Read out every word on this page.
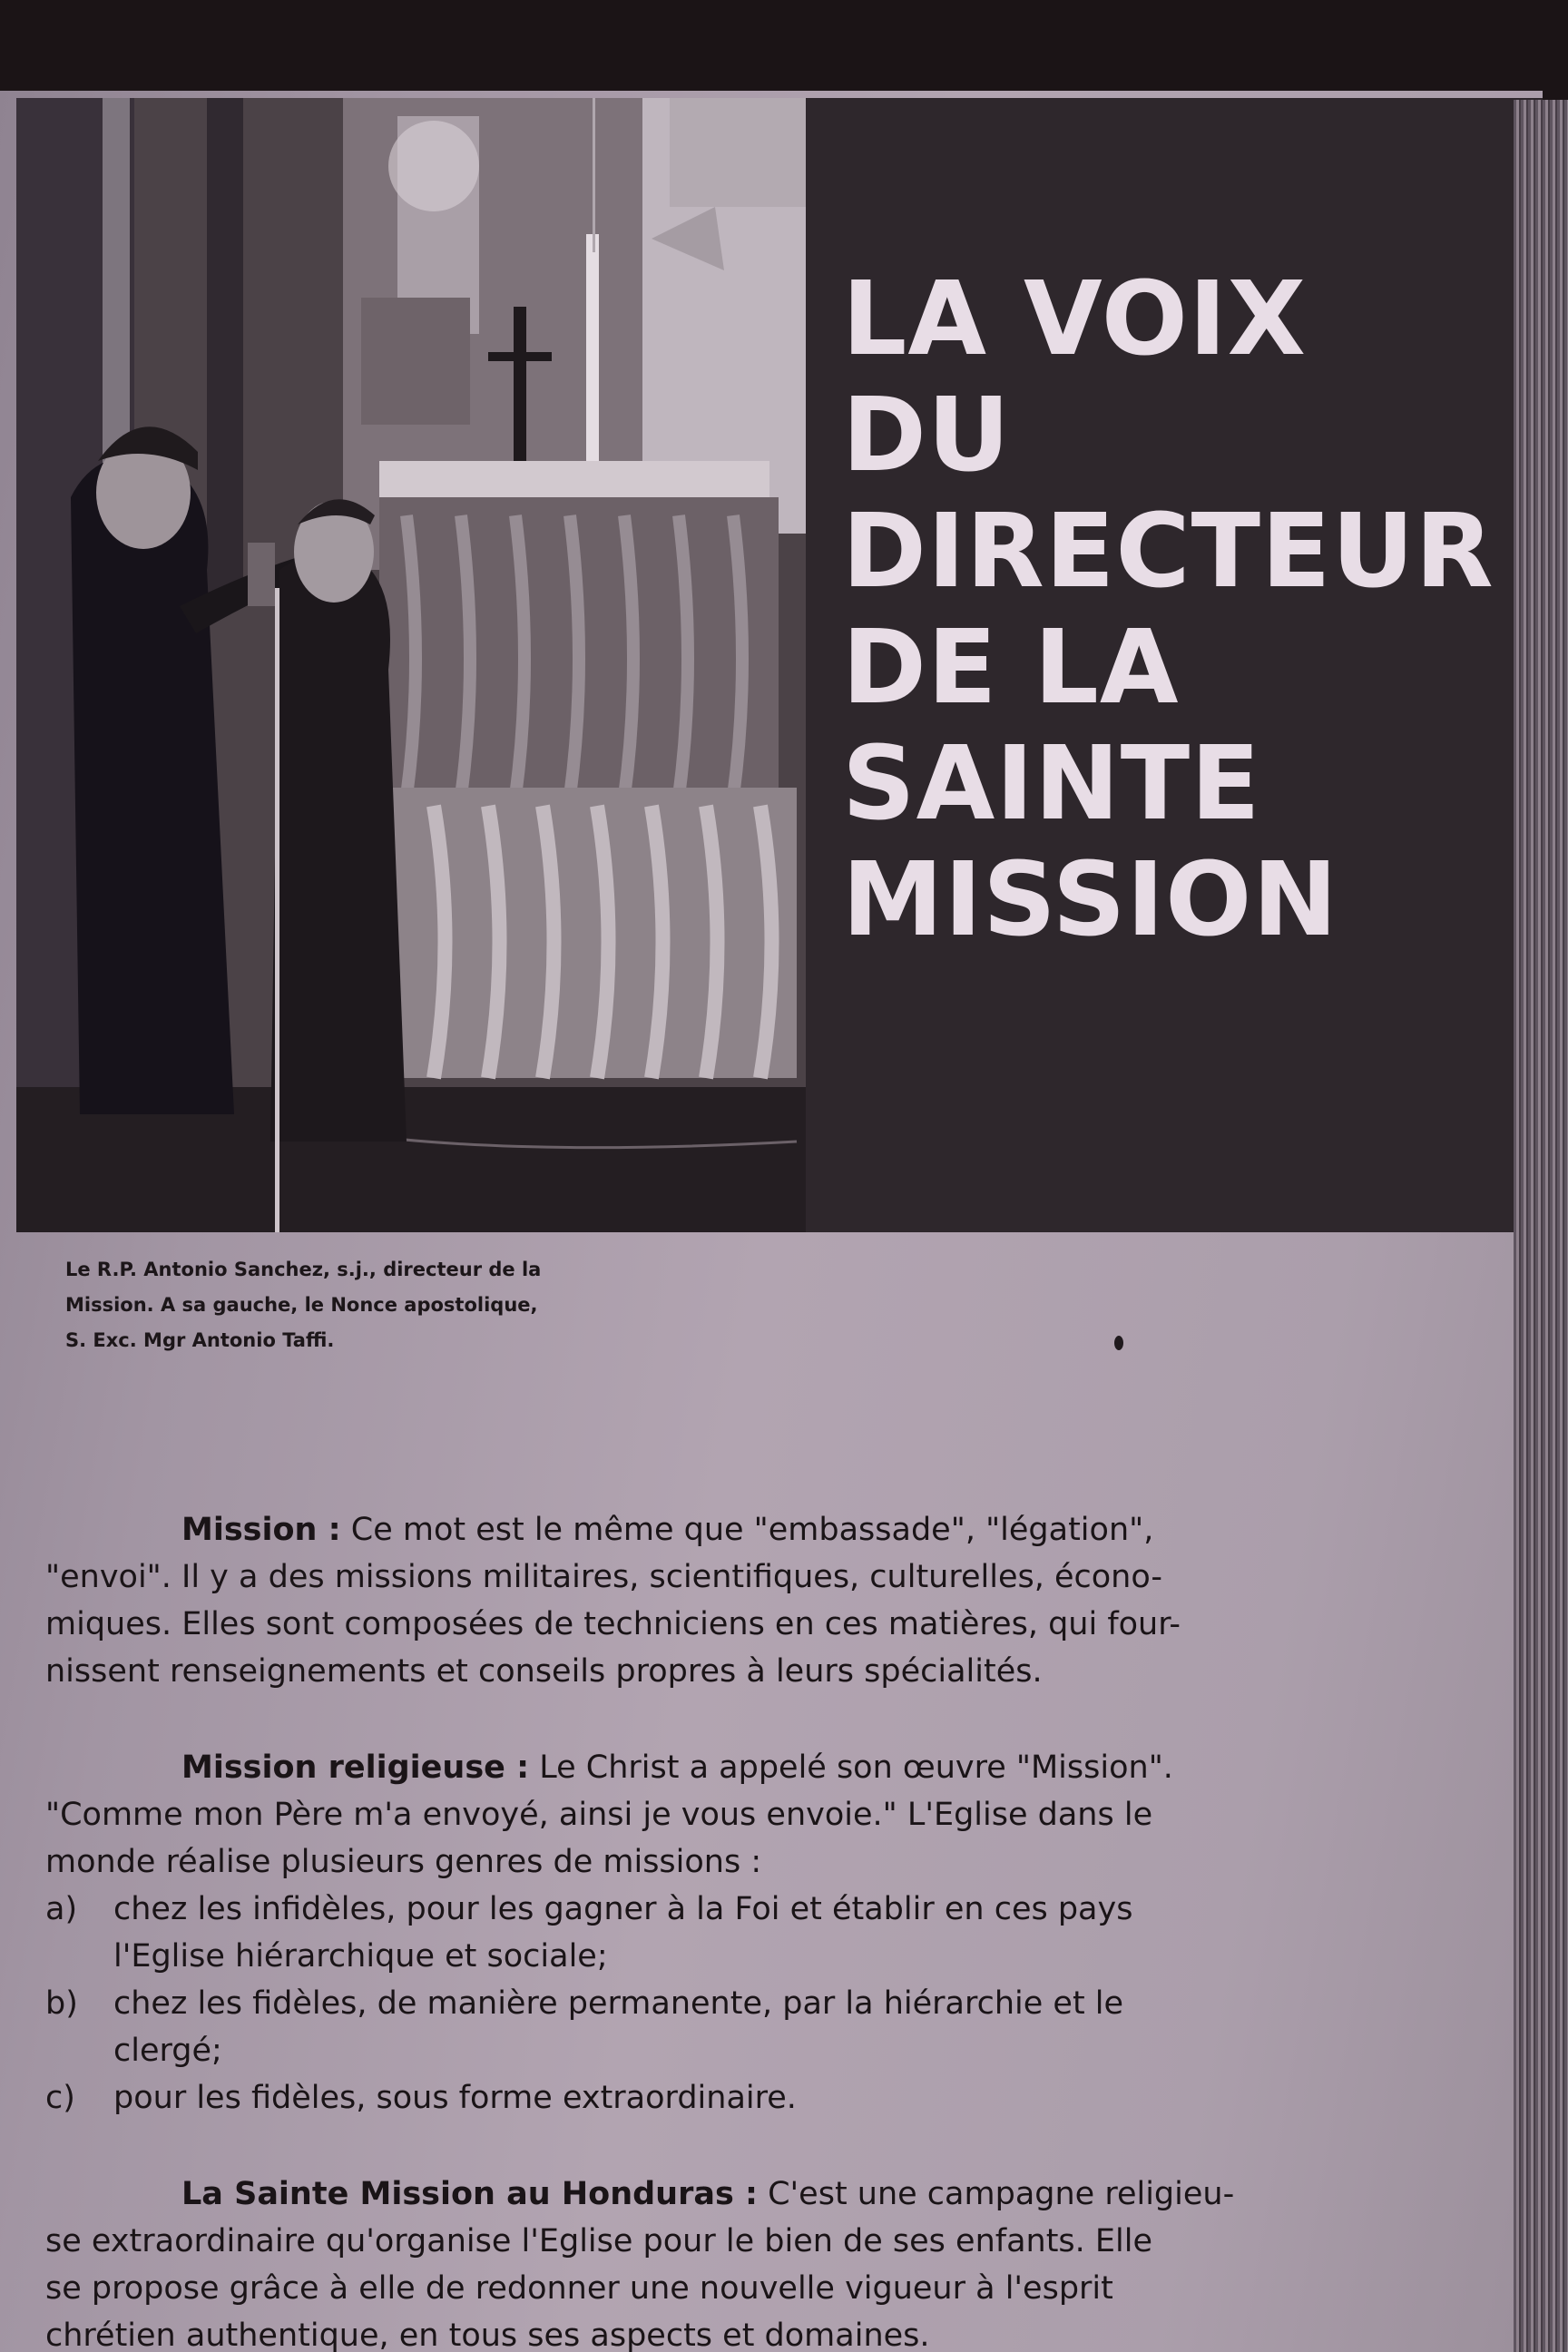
LA VOIX
DU
DIRECTEUR
DE LA
SAINTE
MISSION
Le R.P. Antonio Sanchez, s.j., directeur de la
Mission. A sa gauche, le Nonce apostolique,
S. Exc. Mgr Antonio Taffi.
Mission : Ce mot est le même que "embassade", "légation",
"envoi". Il y a des missions militaires, scientifiques, culturelles, écono-
miques. Elles sont composées de techniciens en ces matières, qui four-
nissent renseignements et conseils propres à leurs spécialités.
Mission religieuse : Le Christ a appelé son œuvre "Mission".
"Comme mon Père m'a envoyé, ainsi je vous envoie." L'Eglise dans le
monde réalise plusieurs genres de missions :
a) chez les infidèles, pour les gagner à la Foi et établir en ces pays
l'Eglise hiérarchique et sociale;
b) chez les fidèles, de manière permanente, par la hiérarchie et le
clergé;
c) pour les fidèles, sous forme extraordinaire.
La Sainte Mission au Honduras : C'est une campagne religieu-
se extraordinaire qu'organise l'Eglise pour le bien de ses enfants. Elle
se propose grâce à elle de redonner une nouvelle vigueur à l'esprit
chrétien authentique, en tous ses aspects et domaines.
